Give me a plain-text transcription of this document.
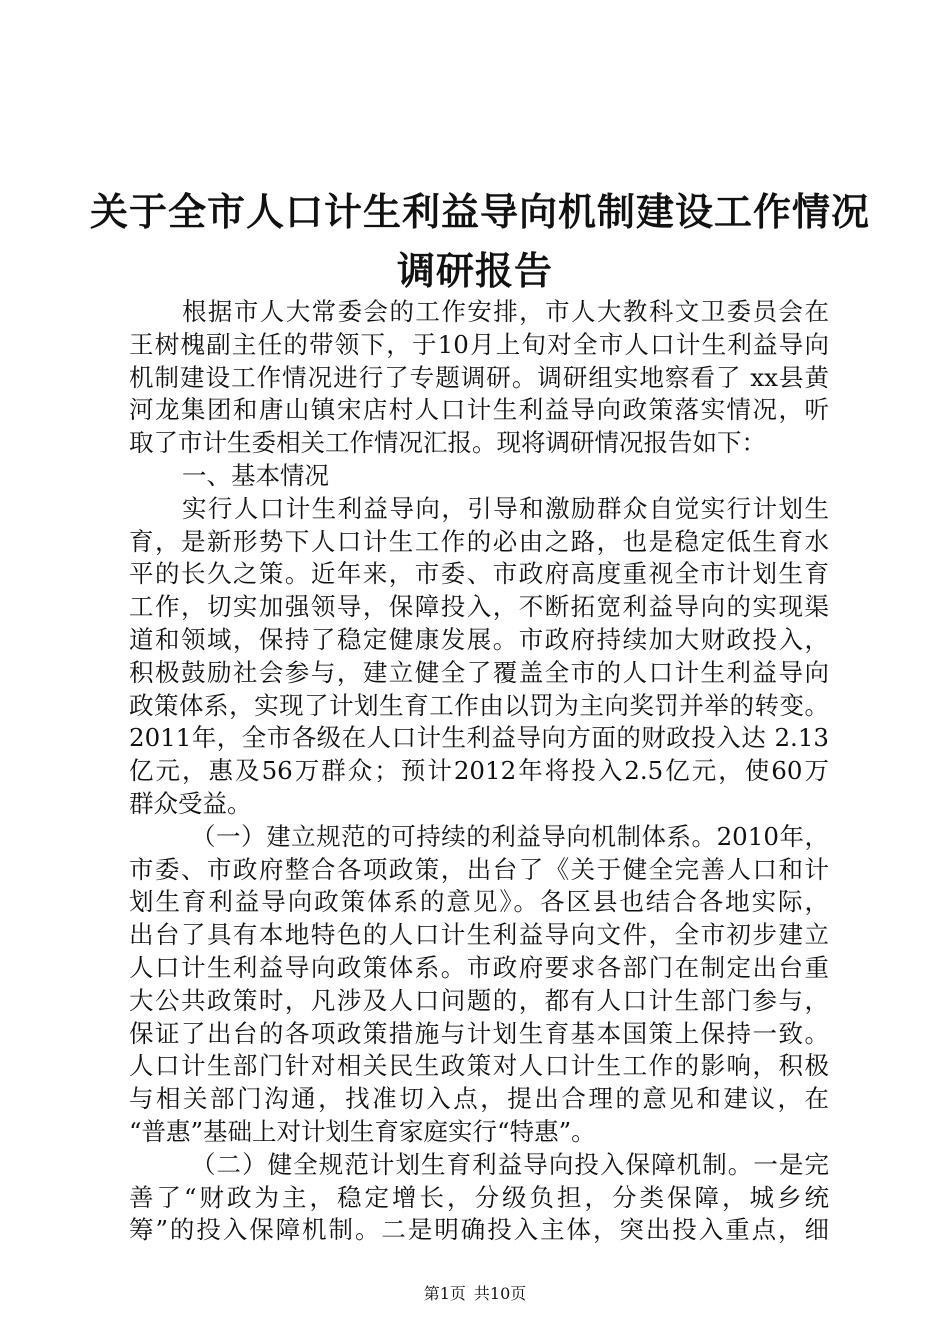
关于全市人口计生利益导向机制建设工作情况
调研报告
根据市人大常委会的工作安排，市人大教科文卫委员会在
王树槐副主任的带领下，于10月上旬对全市人口计生利益导向
机制建设工作情况进行了专题调研。调研组实地察看了 xx县黄
河龙集团和唐山镇宋店村人口计生利益导向政策落实情况，听
取了市计生委相关工作情况汇报。现将调研情况报告如下：
一、基本情况
实行人口计生利益导向，引导和激励群众自觉实行计划生
育，是新形势下人口计生工作的必由之路，也是稳定低生育水
平的长久之策。近年来，市委、市政府高度重视全市计划生育
工作，切实加强领导，保障投入，不断拓宽利益导向的实现渠
道和领域，保持了稳定健康发展。市政府持续加大财政投入，
积极鼓励社会参与，建立健全了覆盖全市的人口计生利益导向
政策体系，实现了计划生育工作由以罚为主向奖罚并举的转变。
2011年，全市各级在人口计生利益导向方面的财政投入达 2.13
亿元，惠及56万群众；预计2012年将投入2.5亿元，使60万
群众受益。
（一）建立规范的可持续的利益导向机制体系。2010年，
市委、市政府整合各项政策，出台了《关于健全完善人口和计
划生育利益导向政策体系的意见》。各区县也结合各地实际，
出台了具有本地特色的人口计生利益导向文件，全市初步建立
人口计生利益导向政策体系。市政府要求各部门在制定出台重
大公共政策时，凡涉及人口问题的，都有人口计生部门参与，
保证了出台的各项政策措施与计划生育基本国策上保持一致。
人口计生部门针对相关民生政策对人口计生工作的影响，积极
与相关部门沟通，找准切入点，提出合理的意见和建议，在
“普惠”基础上对计划生育家庭实行“特惠”。
（二）健全规范计划生育利益导向投入保障机制。一是完
善了“财政为主，稳定增长，分级负担，分类保障，城乡统
筹”的投入保障机制。二是明确投入主体，突出投入重点，细
第1页 共10页
